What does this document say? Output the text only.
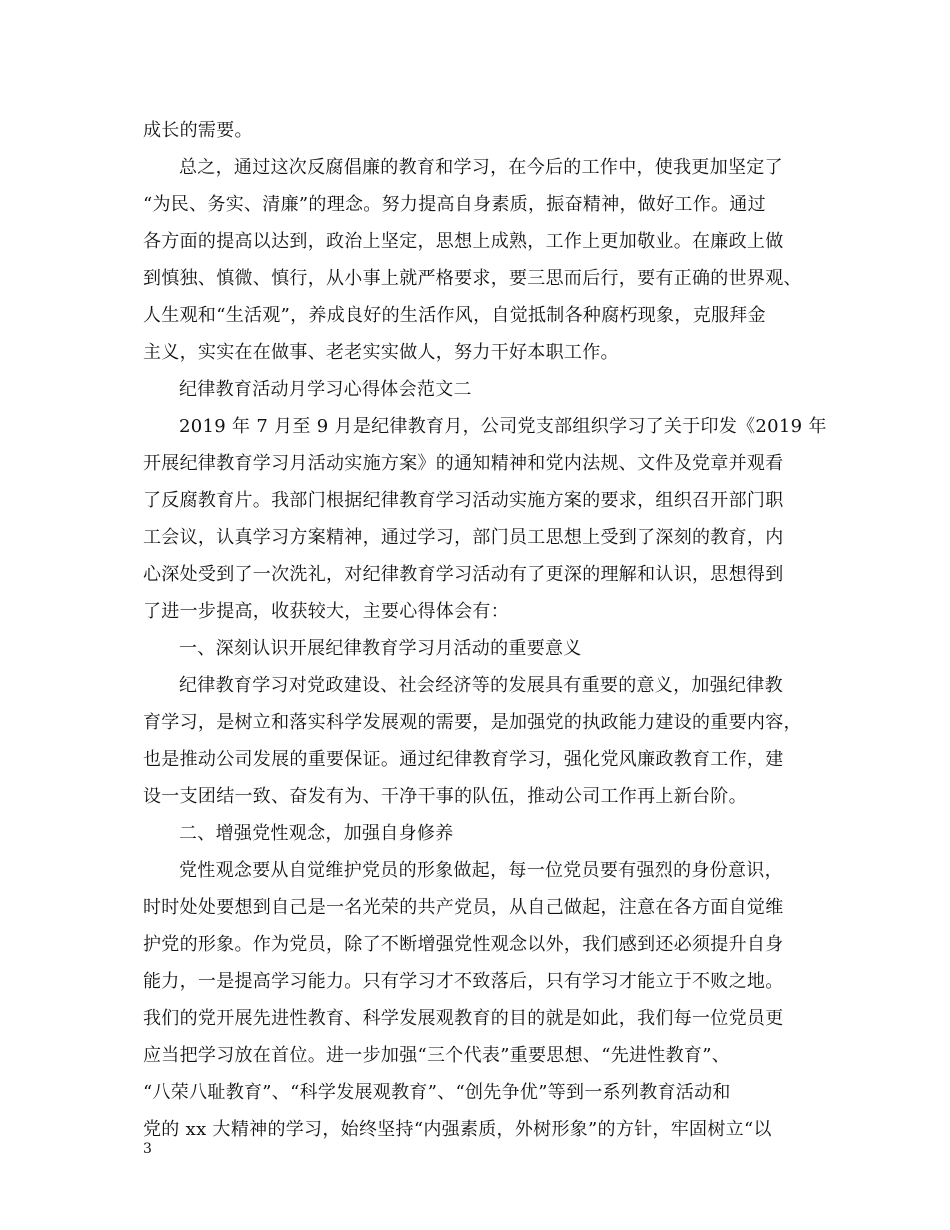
成长的需要。
总之，通过这次反腐倡廉的教育和学习，在今后的工作中，使我更加坚定了
“为民、务实、清廉”的理念。努力提高自身素质，振奋精神，做好工作。通过
各方面的提高以达到，政治上坚定，思想上成熟，工作上更加敬业。在廉政上做
到慎独、慎微、慎行，从小事上就严格要求，要三思而后行，要有正确的世界观、
人生观和“生活观”，养成良好的生活作风，自觉抵制各种腐朽现象，克服拜金
主义，实实在在做事、老老实实做人，努力干好本职工作。
纪律教育活动月学习心得体会范文二
2019 年 7 月至 9 月是纪律教育月，公司党支部组织学习了关于印发《2019 年
开展纪律教育学习月活动实施方案》的通知精神和党内法规、文件及党章并观看
了反腐教育片。我部门根据纪律教育学习活动实施方案的要求，组织召开部门职
工会议，认真学习方案精神，通过学习，部门员工思想上受到了深刻的教育，内
心深处受到了一次洗礼，对纪律教育学习活动有了更深的理解和认识，思想得到
了进一步提高，收获较大，主要心得体会有：
一、深刻认识开展纪律教育学习月活动的重要意义
纪律教育学习对党政建设、社会经济等的发展具有重要的意义，加强纪律教
育学习，是树立和落实科学发展观的需要，是加强党的执政能力建设的重要内容，
也是推动公司发展的重要保证。通过纪律教育学习，强化党风廉政教育工作，建
设一支团结一致、奋发有为、干净干事的队伍，推动公司工作再上新台阶。
二、增强党性观念，加强自身修养
党性观念要从自觉维护党员的形象做起，每一位党员要有强烈的身份意识，
时时处处要想到自己是一名光荣的共产党员，从自己做起，注意在各方面自觉维
护党的形象。作为党员，除了不断增强党性观念以外，我们感到还必须提升自身
能力，一是提高学习能力。只有学习才不致落后，只有学习才能立于不败之地。
我们的党开展先进性教育、科学发展观教育的目的就是如此，我们每一位党员更
应当把学习放在首位。进一步加强“三个代表”重要思想、“先进性教育”、
“八荣八耻教育”、“科学发展观教育”、“创先争优”等到一系列教育活动和
党的 xx 大精神的学习，始终坚持“内强素质，外树形象”的方针，牢固树立“以
3
